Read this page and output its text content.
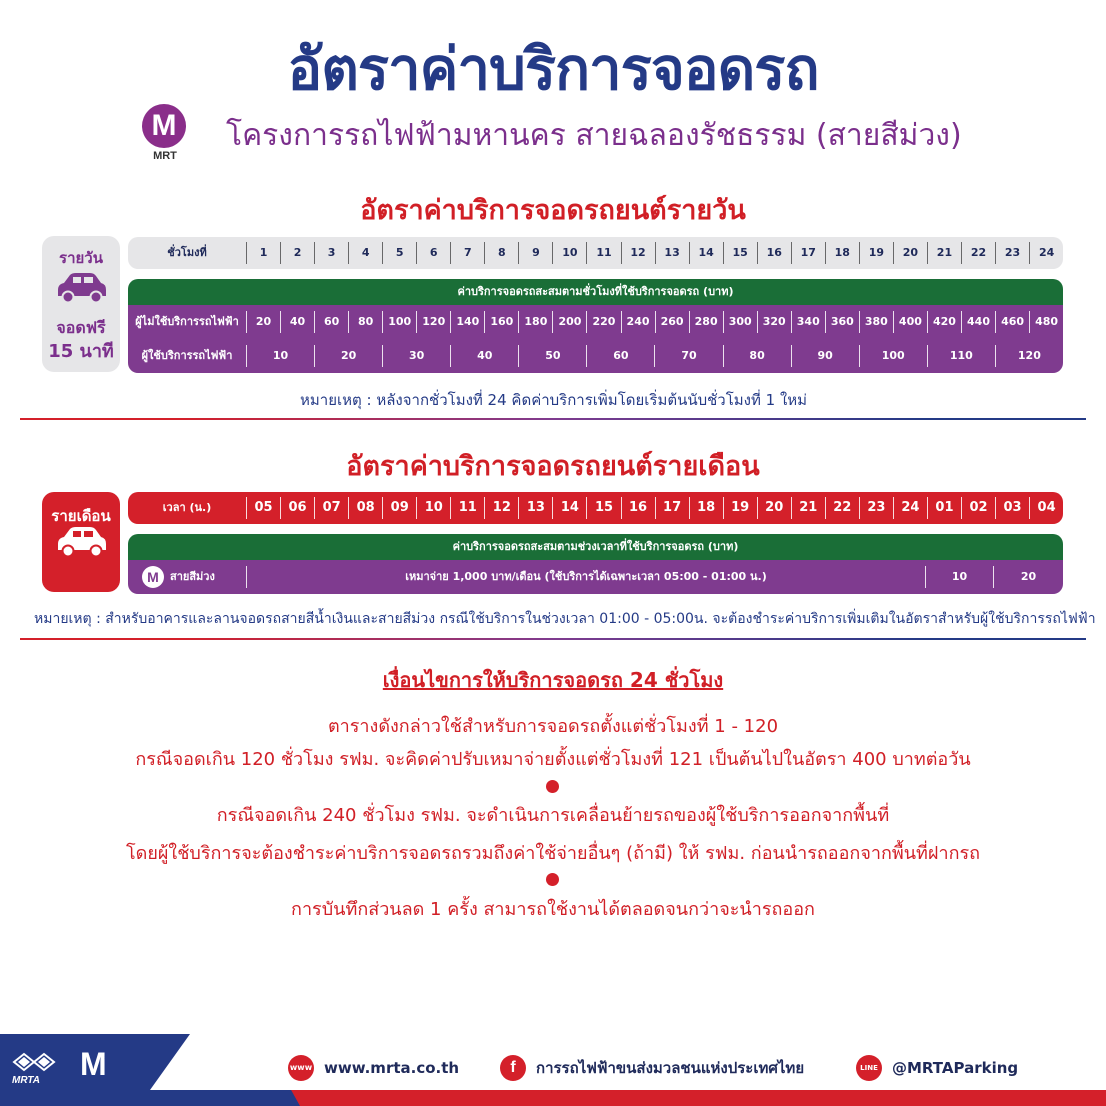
อัตราค่าบริการจอดรถ
M
MRT
โครงการรถไฟฟ้ามหานคร สายฉลองรัชธรรม (สายสีม่วง)
อัตราค่าบริการจอดรถยนต์รายวัน
รายวัน
จอดฟรี
15 นาที
ชั่วโมงที่	1	2	3	4	5	6	7	8	9	10	11	12	13	14	15	16	17	18	19	20	21	22	23	24
ค่าบริการจอดรถสะสมตามชั่วโมงที่ใช้บริการจอดรถ (บาท)
ผู้ไม่ใช้บริการรถไฟฟ้า	20	40	60	80	100	120	140	160	180	200	220	240	260	280	300	320	340	360	380	400	420	440	460	480
ผู้ใช้บริการรถไฟฟ้า	10	20	30	40	50	60	70	80	90	100	110	120
หมายเหตุ : หลังจากชั่วโมงที่ 24 คิดค่าบริการเพิ่มโดยเริ่มต้นนับชั่วโมงที่ 1 ใหม่
อัตราค่าบริการจอดรถยนต์รายเดือน
รายเดือน	เวลา (น.)	05	06	07	08	09	10	11	12	13	14	15	16	17	18	19	20	21	22	23	24	01	02	03	04
ค่าบริการจอดรถสะสมตามช่วงเวลาที่ใช้บริการจอดรถ (บาท)
M	สายสีม่วง	เหมาจ่าย 1,000 บาท/เดือน (ใช้บริการได้เฉพาะเวลา 05:00 - 01:00 น.)	10	20
หมายเหตุ : สำหรับอาคารและลานจอดรถสายสีน้ำเงินและสายสีม่วง กรณีใช้บริการในช่วงเวลา 01:00 - 05:00น. จะต้องชำระค่าบริการเพิ่มเติมในอัตราสำหรับผู้ใช้บริการรถไฟฟ้า
เงื่อนไขการให้บริการจอดรถ 24 ชั่วโมง
ตารางดังกล่าวใช้สำหรับการจอดรถตั้งแต่ชั่วโมงที่ 1 - 120
กรณีจอดเกิน 120 ชั่วโมง รฟม. จะคิดค่าปรับเหมาจ่ายตั้งแต่ชั่วโมงที่ 121 เป็นต้นไปในอัตรา 400 บาทต่อวัน
กรณีจอดเกิน 240 ชั่วโมง รฟม. จะดำเนินการเคลื่อนย้ายรถของผู้ใช้บริการออกจากพื้นที่
โดยผู้ใช้บริการจะต้องชำระค่าบริการจอดรถรวมถึงค่าใช้จ่ายอื่นๆ (ถ้ามี) ให้ รฟม. ก่อนนำรถออกจากพื้นที่ฝากรถ
การบันทึกส่วนลด 1 ครั้ง สามารถใช้งานได้ตลอดจนกว่าจะนำรถออก
MRTA M	www www.mrta.co.th	f	การรถไฟฟ้าขนส่งมวลชนแห่งประเทศไทย	LINE @MRTAParking
